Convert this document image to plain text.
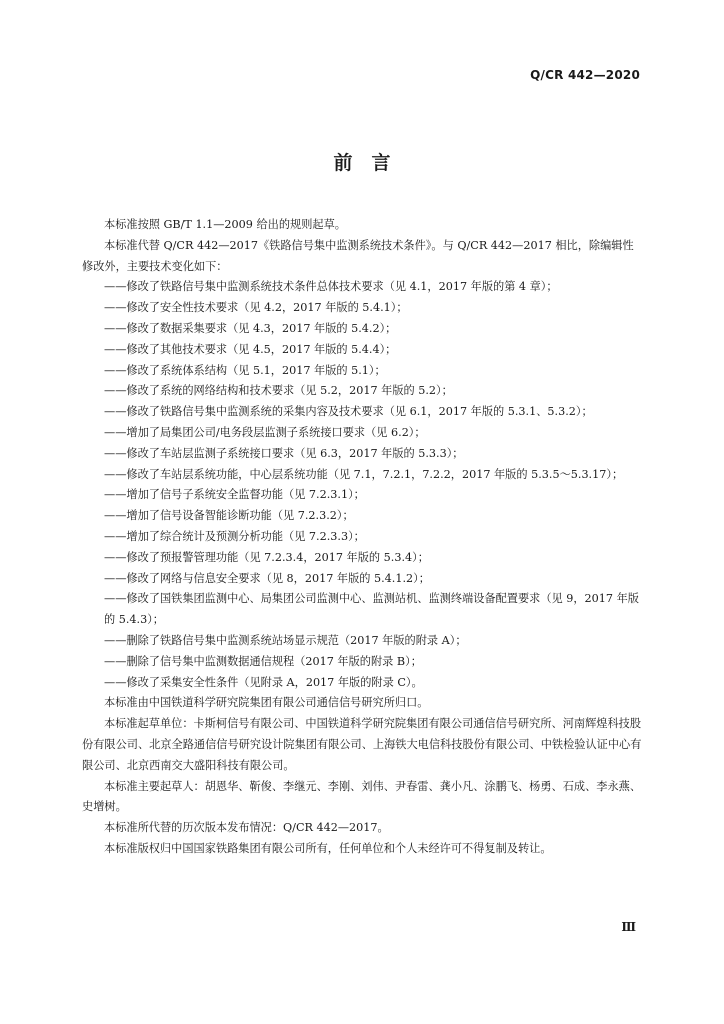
Q/CR 442—2020
前　言

本标准按照 GB/T 1.1—2009 给出的规则起草。

本标准代替 Q/CR 442—2017《铁路信号集中监测系统技术条件》。与 Q/CR 442—2017 相比，除编辑性修改外，主要技术变化如下：

——修改了铁路信号集中监测系统技术条件总体技术要求（见 4.1，2017 年版的第 4 章）；

——修改了安全性技术要求（见 4.2，2017 年版的 5.4.1）；

——修改了数据采集要求（见 4.3，2017 年版的 5.4.2）；

——修改了其他技术要求（见 4.5，2017 年版的 5.4.4）；

——修改了系统体系结构（见 5.1，2017 年版的 5.1）；

——修改了系统的网络结构和技术要求（见 5.2，2017 年版的 5.2）；

——修改了铁路信号集中监测系统的采集内容及技术要求（见 6.1，2017 年版的 5.3.1、5.3.2）；

——增加了局集团公司/电务段层监测子系统接口要求（见 6.2）；

——修改了车站层监测子系统接口要求（见 6.3，2017 年版的 5.3.3）；

——修改了车站层系统功能，中心层系统功能（见 7.1，7.2.1，7.2.2，2017 年版的 5.3.5～5.3.17）；

——增加了信号子系统安全监督功能（见 7.2.3.1）；

——增加了信号设备智能诊断功能（见 7.2.3.2）；

——增加了综合统计及预测分析功能（见 7.2.3.3）；

——修改了预报警管理功能（见 7.2.3.4，2017 年版的 5.3.4）；

——修改了网络与信息安全要求（见 8，2017 年版的 5.4.1.2）；

——修改了国铁集团监测中心、局集团公司监测中心、监测站机、监测终端设备配置要求（见 9，2017 年版的 5.4.3）；

——删除了铁路信号集中监测系统站场显示规范（2017 年版的附录 A）；

——删除了信号集中监测数据通信规程（2017 年版的附录 B）；

——修改了采集安全性条件（见附录 A，2017 年版的附录 C）。

本标准由中国铁道科学研究院集团有限公司通信信号研究所归口。

本标准起草单位：卡斯柯信号有限公司、中国铁道科学研究院集团有限公司通信信号研究所、河南辉煌科技股份有限公司、北京全路通信信号研究设计院集团有限公司、上海铁大电信科技股份有限公司、中铁检验认证中心有限公司、北京西南交大盛阳科技有限公司。

本标准主要起草人：胡恩华、靳俊、李继元、李刚、刘伟、尹春雷、龚小凡、涂鹏飞、杨勇、石成、李永燕、史增树。

本标准所代替的历次版本发布情况：Q/CR 442—2017。

本标准版权归中国国家铁路集团有限公司所有，任何单位和个人未经许可不得复制及转让。

Ⅲ
